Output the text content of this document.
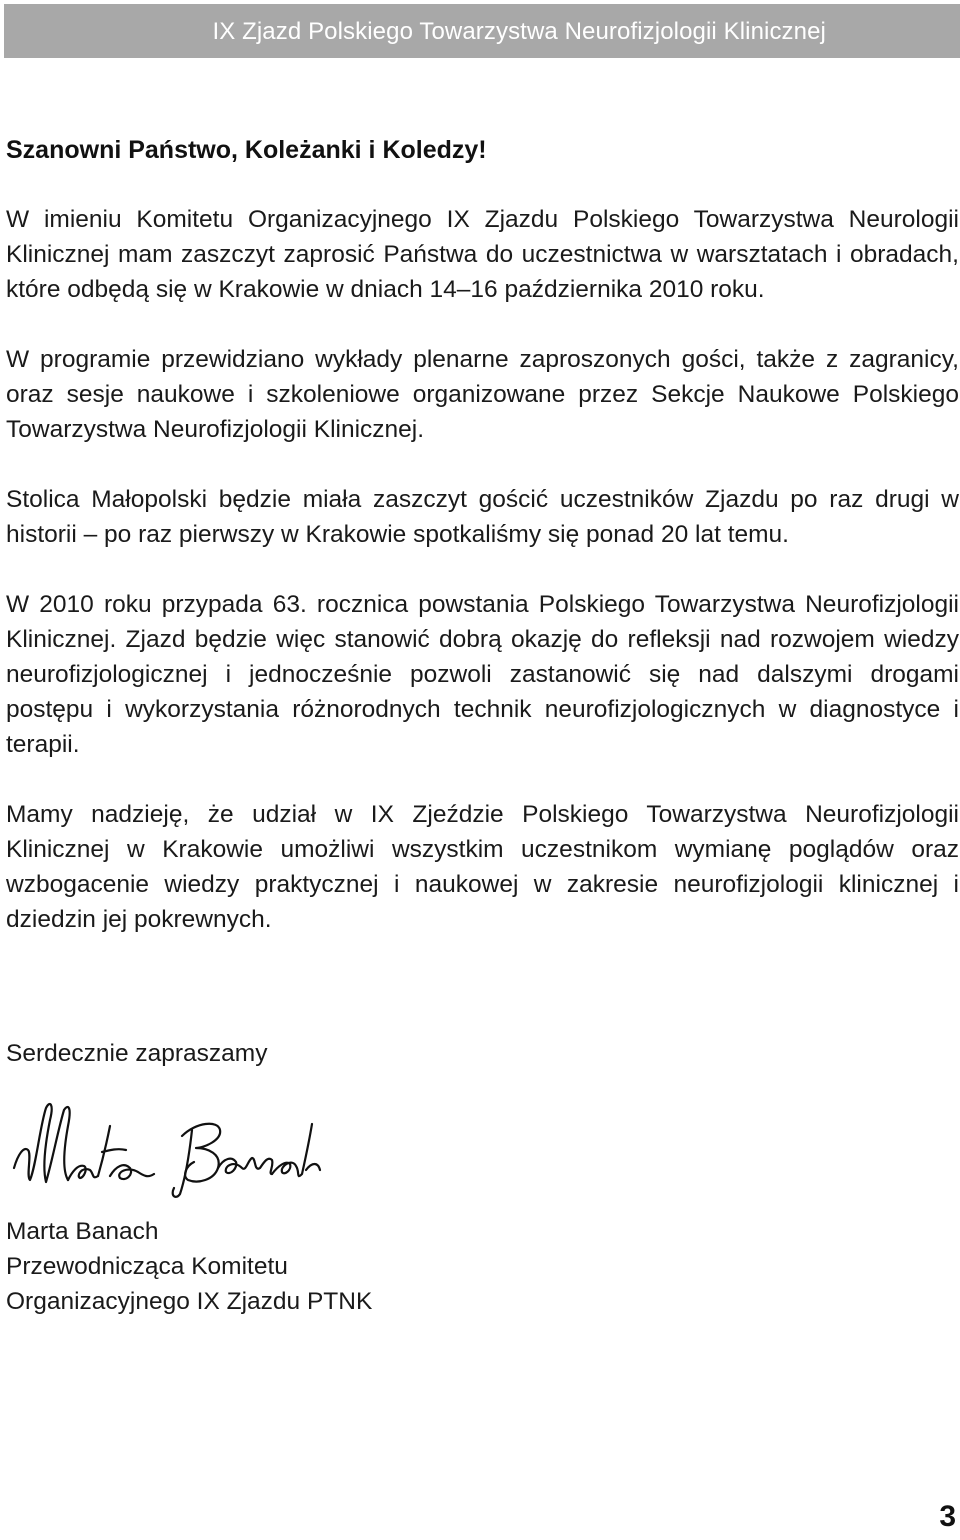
IX Zjazd Polskiego Towarzystwa Neurofizjologii Klinicznej
Szanowni Państwo, Koleżanki i Koledzy!

W imieniu Komitetu Organizacyjnego IX Zjazdu Polskiego Towarzystwa Neurologii Klinicznej mam zaszczyt zaprosić Państwa do uczestnictwa w warsztatach i obradach, które odbędą się w Krakowie w dniach 14–16 października 2010 roku.

W programie przewidziano wykłady plenarne zaproszonych gości, także z zagranicy, oraz sesje naukowe i szkoleniowe organizowane przez Sekcje Naukowe Polskiego Towarzystwa Neurofizjologii Klinicznej.

Stolica Małopolski będzie miała zaszczyt gościć uczestników Zjazdu po raz drugi w historii – po raz pierwszy w Krakowie spotkaliśmy się ponad 20 lat temu.

W 2010 roku przypada 63. rocznica powstania Polskiego Towarzystwa Neurofizjologii Klinicznej. Zjazd będzie więc stanowić dobrą okazję do refleksji nad rozwojem wiedzy neurofizjologicznej i jednocześnie pozwoli zastanowić się nad dalszymi drogami postępu i wykorzystania różnorodnych technik neurofizjologicznych w diagnostyce i terapii.

Mamy nadzieję, że udział w IX Zjeździe Polskiego Towarzystwa Neurofizjologii Klinicznej w Krakowie umożliwi wszystkim uczestnikom wymianę poglądów oraz wzbogacenie wiedzy praktycznej i naukowej w zakresie neurofizjologii klinicznej i dziedzin jej pokrewnych.

Serdecznie zapraszamy
Marta Banach
Przewodnicząca Komitetu
Organizacyjnego IX Zjazdu PTNK
3
